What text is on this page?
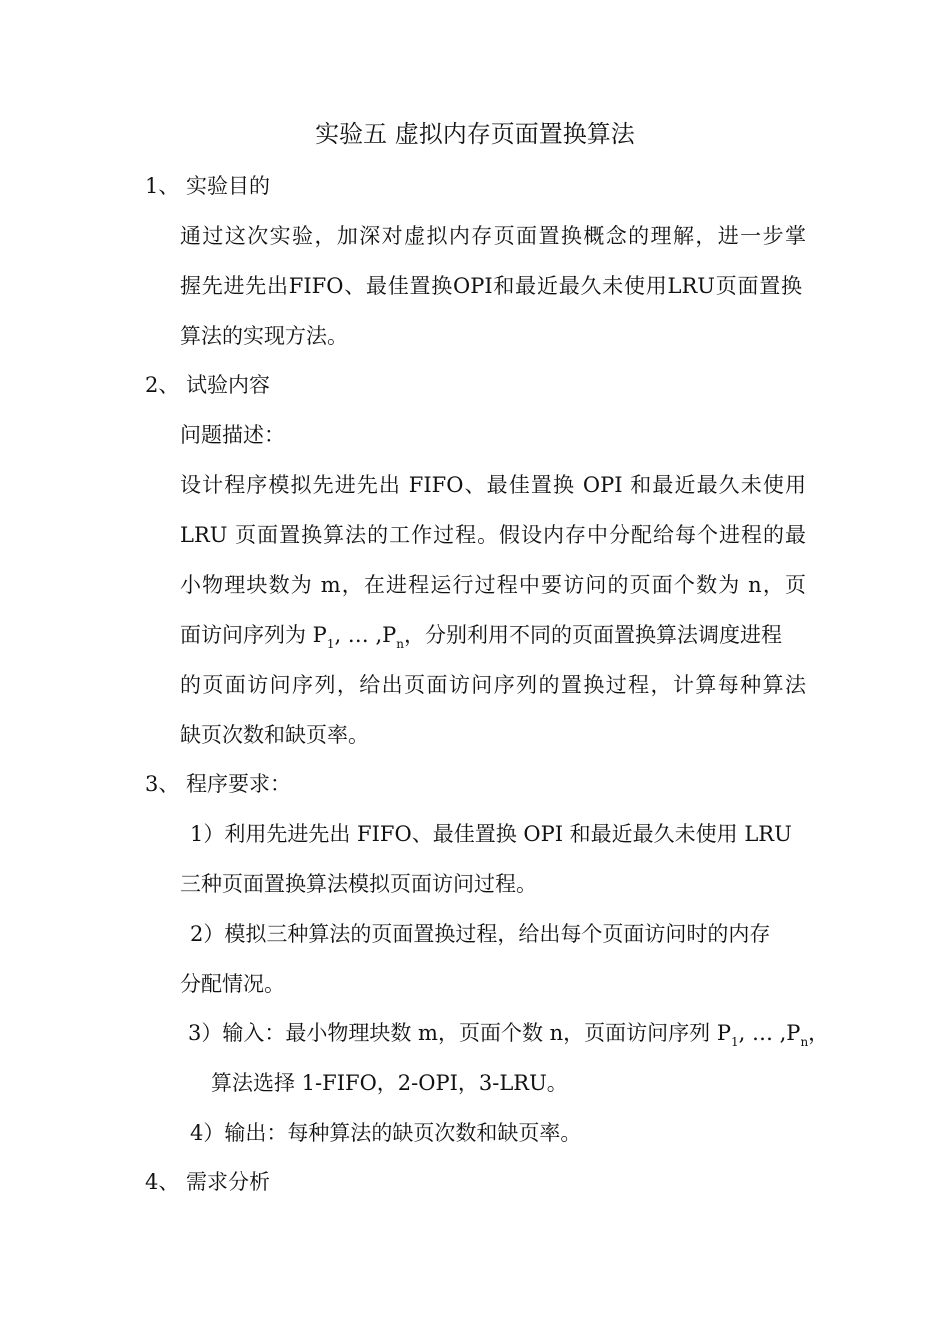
实验五 虚拟内存页面置换算法
1、 实验目的
通过这次实验，加深对虚拟内存页面置换概念的理解，进一步掌
握先进先出FIFO、最佳置换OPI和最近最久未使用LRU页面置换
算法的实现方法。
2、 试验内容
问题描述：
设计程序模拟先进先出 FIFO、最佳置换 OPI 和最近最久未使用
LRU 页面置换算法的工作过程。假设内存中分配给每个进程的最
小物理块数为 m，在进程运行过程中要访问的页面个数为 n，页
面访问序列为 $P_1$, … $,P_n$，分别利用不同的页面置换算法调度进程
的页面访问序列，给出页面访问序列的置换过程，计算每种算法
缺页次数和缺页率。
3、 程序要求：
1）利用先进先出 FIFO、最佳置换 OPI 和最近最久未使用 LRU
三种页面置换算法模拟页面访问过程。
2）模拟三种算法的页面置换过程，给出每个页面访问时的内存
分配情况。
3）输入：最小物理块数 m，页面个数 n，页面访问序列 $P_1$, … $,P_n$，
算法选择 1-FIFO，2-OPI，3-LRU。
4）输出：每种算法的缺页次数和缺页率。
4、 需求分析
